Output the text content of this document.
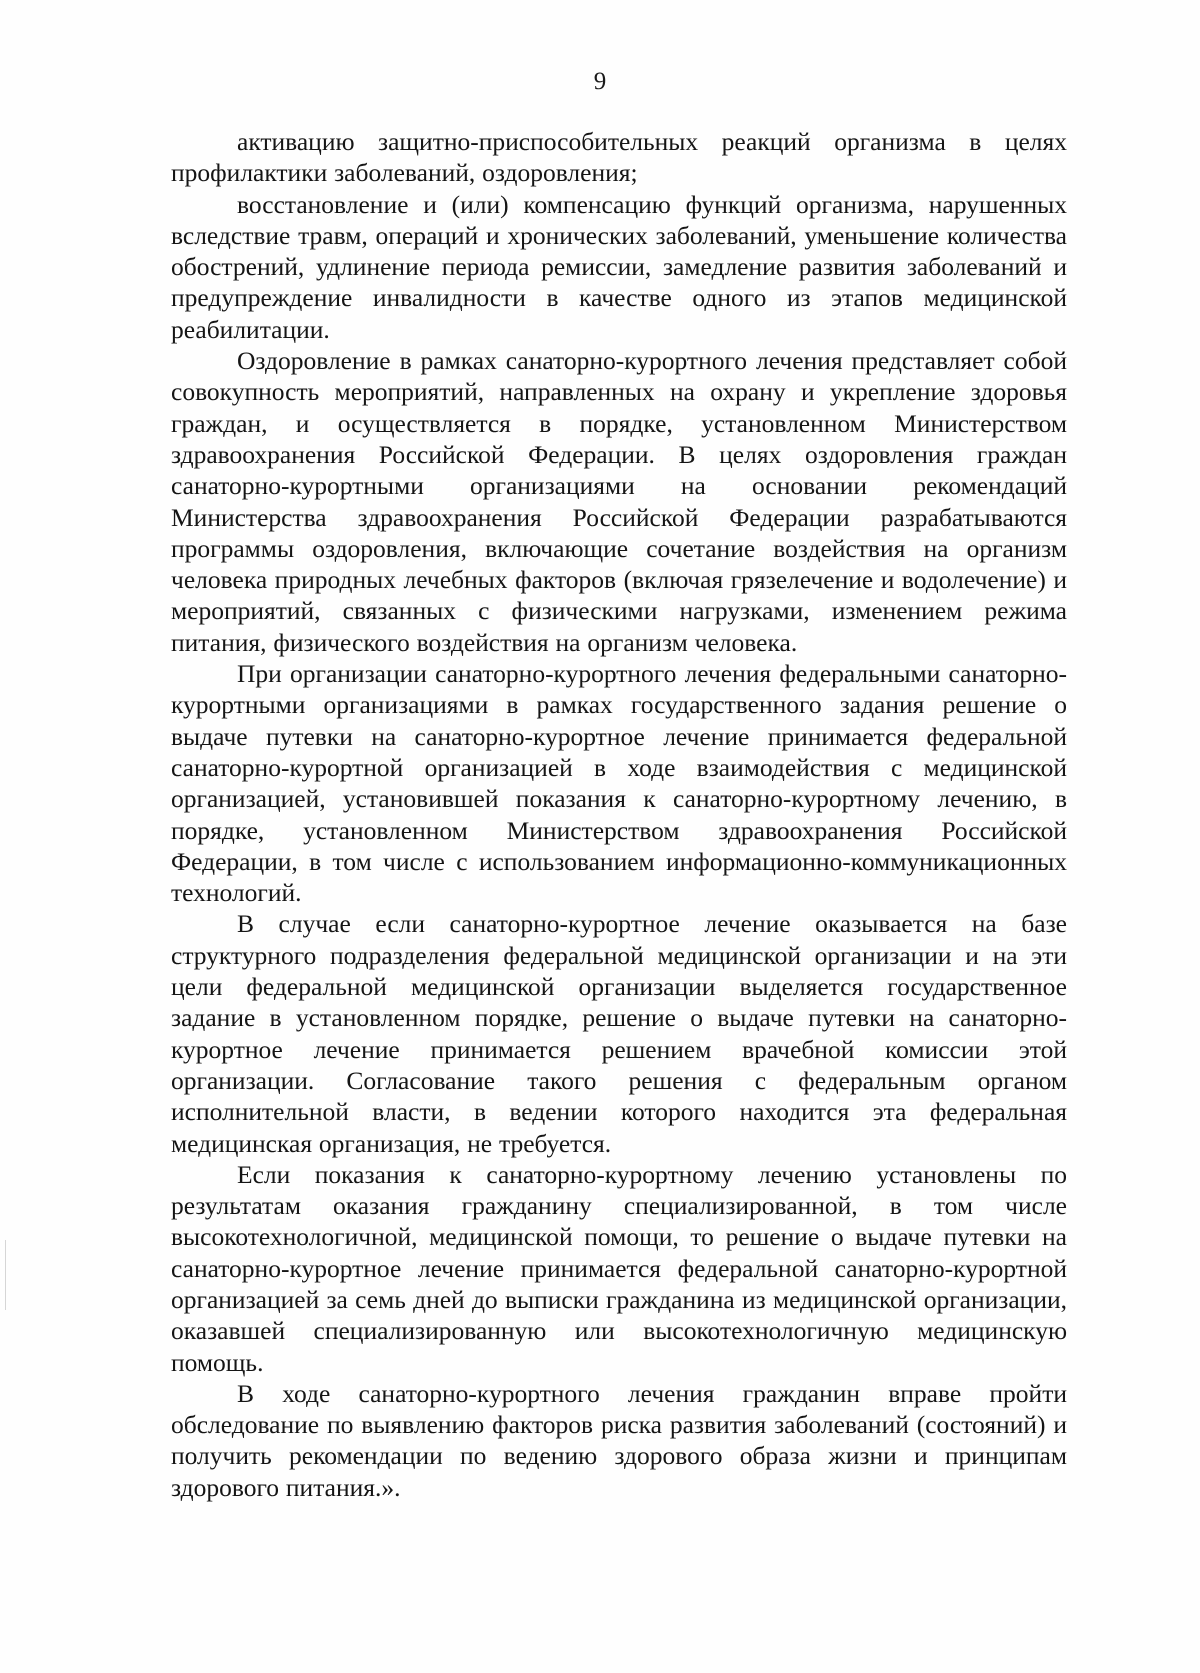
9

активацию защитно-приспособительных реакций организма в целях профилактики заболеваний, оздоровления;

восстановление и (или) компенсацию функций организма, нарушенных вследствие травм, операций и хронических заболеваний, уменьшение количества обострений, удлинение периода ремиссии, замедление развития заболеваний и предупреждение инвалидности в качестве одного из этапов медицинской реабилитации.

Оздоровление в рамках санаторно-курортного лечения представляет собой совокупность мероприятий, направленных на охрану и укрепление здоровья граждан, и осуществляется в порядке, установленном Министерством здравоохранения Российской Федерации. В целях оздоровления граждан санаторно-курортными организациями на основании рекомендаций Министерства здравоохранения Российской Федерации разрабатываются программы оздоровления, включающие сочетание воздействия на организм человека природных лечебных факторов (включая грязелечение и водолечение) и мероприятий, связанных с физическими нагрузками, изменением режима питания, физического воздействия на организм человека.

При организации санаторно-курортного лечения федеральными санаторно-курортными организациями в рамках государственного задания решение о выдаче путевки на санаторно-курортное лечение принимается федеральной санаторно-курортной организацией в ходе взаимодействия с медицинской организацией, установившей показания к санаторно-курортному лечению, в порядке, установленном Министерством здравоохранения Российской Федерации, в том числе с использованием информационно-коммуникационных технологий.

В случае если санаторно-курортное лечение оказывается на базе структурного подразделения федеральной медицинской организации и на эти цели федеральной медицинской организации выделяется государственное задание в установленном порядке, решение о выдаче путевки на санаторно-курортное лечение принимается решением врачебной комиссии этой организации. Согласование такого решения с федеральным органом исполнительной власти, в ведении которого находится эта федеральная медицинская организация, не требуется.

Если показания к санаторно-курортному лечению установлены по результатам оказания гражданину специализированной, в том числе высокотехнологичной, медицинской помощи, то решение о выдаче путевки на санаторно-курортное лечение принимается федеральной санаторно-курортной организацией за семь дней до выписки гражданина из медицинской организации, оказавшей специализированную или высокотехнологичную медицинскую помощь.

В ходе санаторно-курортного лечения гражданин вправе пройти обследование по выявлению факторов риска развития заболеваний (состояний) и получить рекомендации по ведению здорового образа жизни и принципам здорового питания.».
